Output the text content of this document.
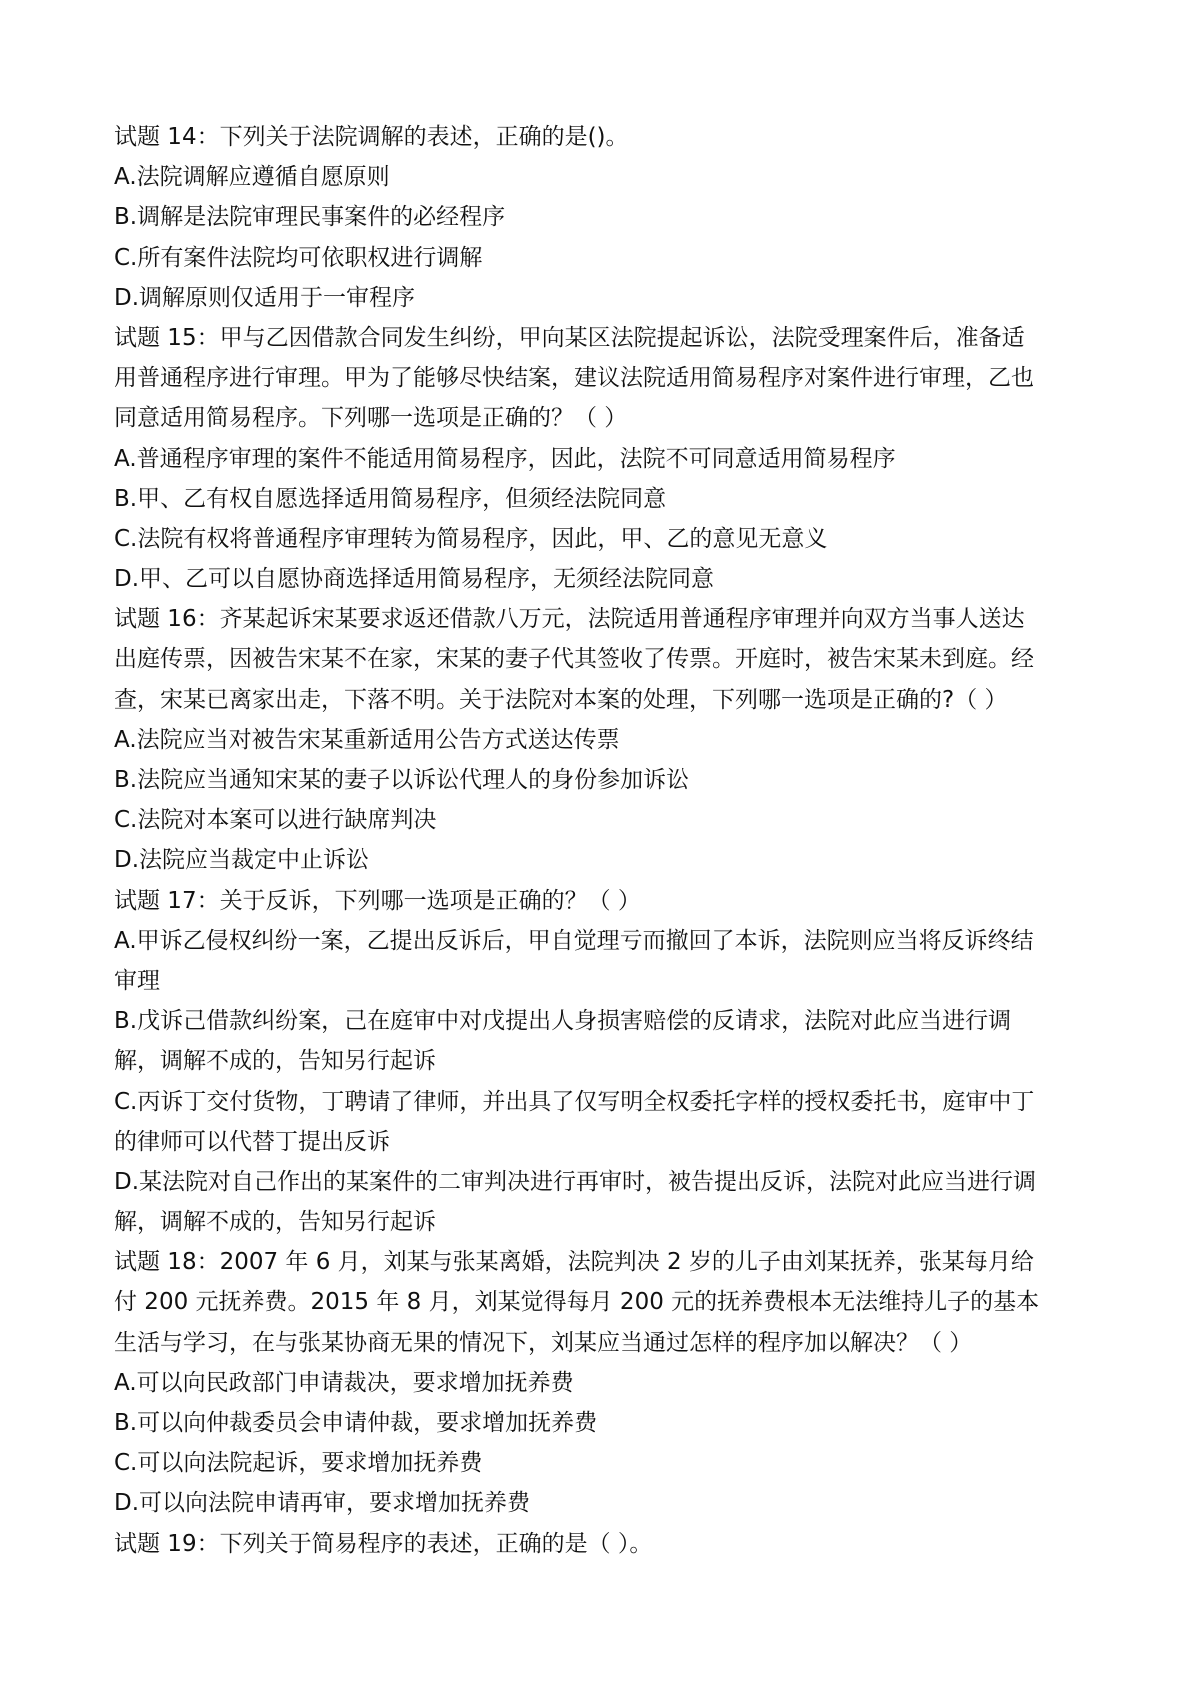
试题 14：下列关于法院调解的表述，正确的是()。
A.法院调解应遵循自愿原则
B.调解是法院审理民事案件的必经程序
C.所有案件法院均可依职权进行调解
D.调解原则仅适用于一审程序
试题 15：甲与乙因借款合同发生纠纷，甲向某区法院提起诉讼，法院受理案件后，准备适
用普通程序进行审理。甲为了能够尽快结案，建议法院适用简易程序对案件进行审理，乙也
同意适用简易程序。下列哪一选项是正确的？（ ）
A.普通程序审理的案件不能适用简易程序，因此，法院不可同意适用简易程序
B.甲、乙有权自愿选择适用简易程序，但须经法院同意
C.法院有权将普通程序审理转为简易程序，因此，甲、乙的意见无意义
D.甲、乙可以自愿协商选择适用简易程序，无须经法院同意
试题 16：齐某起诉宋某要求返还借款八万元，法院适用普通程序审理并向双方当事人送达
出庭传票，因被告宋某不在家，宋某的妻子代其签收了传票。开庭时，被告宋某未到庭。经
查，宋某已离家出走，下落不明。关于法院对本案的处理，下列哪一选项是正确的?（ ）
A.法院应当对被告宋某重新适用公告方式送达传票
B.法院应当通知宋某的妻子以诉讼代理人的身份参加诉讼
C.法院对本案可以进行缺席判决
D.法院应当裁定中止诉讼
试题 17：关于反诉，下列哪一选项是正确的？（ ）
A.甲诉乙侵权纠纷一案，乙提出反诉后，甲自觉理亏而撤回了本诉，法院则应当将反诉终结
审理
B.戊诉己借款纠纷案，己在庭审中对戊提出人身损害赔偿的反请求，法院对此应当进行调
解，调解不成的，告知另行起诉
C.丙诉丁交付货物，丁聘请了律师，并出具了仅写明全权委托字样的授权委托书，庭审中丁
的律师可以代替丁提出反诉
D.某法院对自己作出的某案件的二审判决进行再审时，被告提出反诉，法院对此应当进行调
解，调解不成的，告知另行起诉
试题 18：2007 年 6 月，刘某与张某离婚，法院判决 2 岁的儿子由刘某抚养，张某每月给
付 200 元抚养费。2015 年 8 月，刘某觉得每月 200 元的抚养费根本无法维持儿子的基本
生活与学习，在与张某协商无果的情况下，刘某应当通过怎样的程序加以解决？（ ）
A.可以向民政部门申请裁决，要求增加抚养费
B.可以向仲裁委员会申请仲裁，要求增加抚养费
C.可以向法院起诉，要求增加抚养费
D.可以向法院申请再审，要求增加抚养费
试题 19：下列关于简易程序的表述，正确的是（ ）。
